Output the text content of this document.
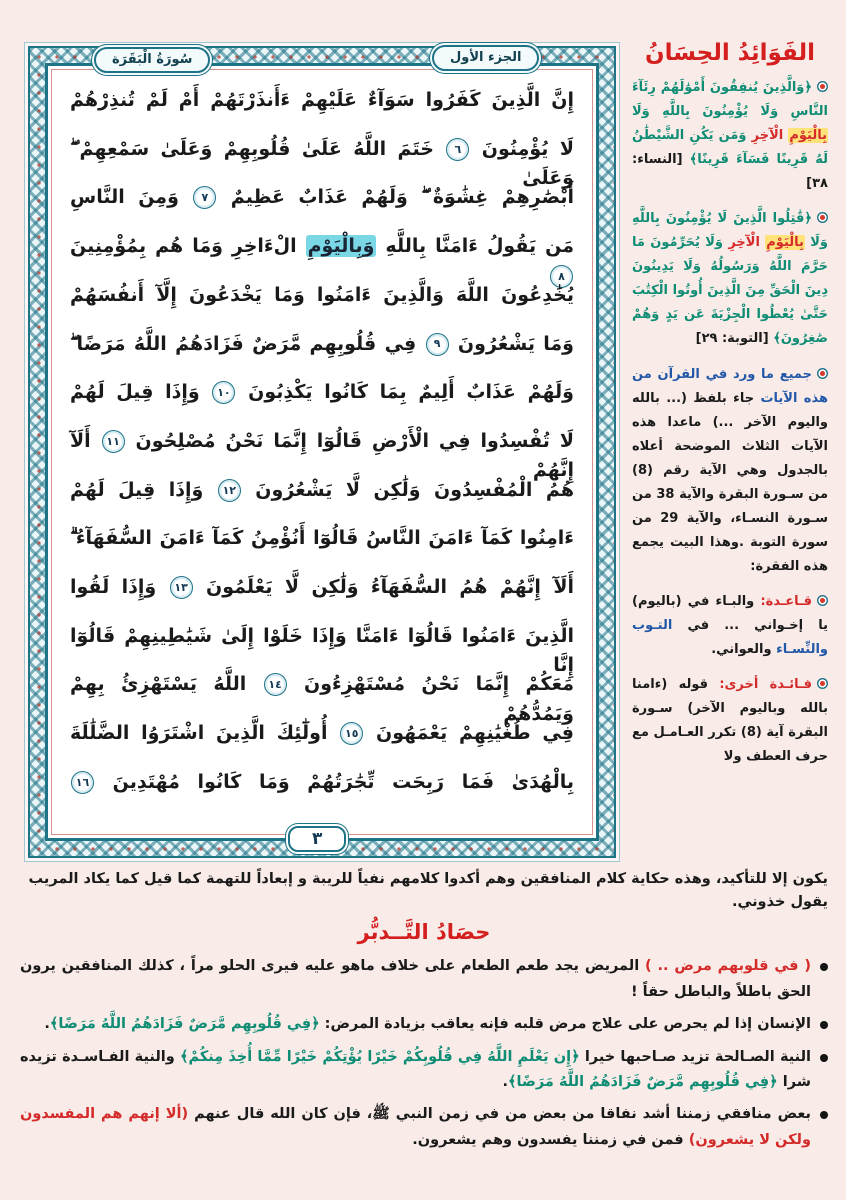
إِنَّ الَّذِينَ كَفَرُوا سَوَآءٌ عَلَيْهِمْ ءَأَنذَرْتَهُمْ أَمْ لَمْ تُنذِرْهُمْ
لَا يُؤْمِنُونَ ٦ خَتَمَ اللَّهُ عَلَىٰ قُلُوبِهِمْ وَعَلَىٰ سَمْعِهِمْ ۖ وَعَلَىٰ
أَبْصَٰرِهِمْ غِشَٰوَةٌ ۖ وَلَهُمْ عَذَابٌ عَظِيمٌ ٧ وَمِنَ النَّاسِ
مَن يَقُولُ ءَامَنَّا بِاللَّهِ وَبِالْيَوْمِ الْءَاخِرِ وَمَا هُم بِمُؤْمِنِينَ ٨
يُخَٰدِعُونَ اللَّهَ وَالَّذِينَ ءَامَنُوا وَمَا يَخْدَعُونَ إِلَّآ أَنفُسَهُمْ
وَمَا يَشْعُرُونَ ٩ فِي قُلُوبِهِم مَّرَضٌ فَزَادَهُمُ اللَّهُ مَرَضًا ۖ
وَلَهُمْ عَذَابٌ أَلِيمٌ بِمَا كَانُوا يَكْذِبُونَ ١٠ وَإِذَا قِيلَ لَهُمْ
لَا تُفْسِدُوا فِي الْأَرْضِ قَالُوٓا إِنَّمَا نَحْنُ مُصْلِحُونَ ١١ أَلَآ إِنَّهُمْ
هُمُ الْمُفْسِدُونَ وَلَٰكِن لَّا يَشْعُرُونَ ١٢ وَإِذَا قِيلَ لَهُمْ
ءَامِنُوا كَمَآ ءَامَنَ النَّاسُ قَالُوٓا أَنُؤْمِنُ كَمَآ ءَامَنَ السُّفَهَآءُ ۗ
أَلَآ إِنَّهُمْ هُمُ السُّفَهَآءُ وَلَٰكِن لَّا يَعْلَمُونَ ١٣ وَإِذَا لَقُوا
الَّذِينَ ءَامَنُوا قَالُوٓا ءَامَنَّا وَإِذَا خَلَوْا إِلَىٰ شَيَٰطِينِهِمْ قَالُوٓا إِنَّا
مَعَكُمْ إِنَّمَا نَحْنُ مُسْتَهْزِءُونَ ١٤ اللَّهُ يَسْتَهْزِئُ بِهِمْ وَيَمُدُّهُمْ
فِي طُغْيَٰنِهِمْ يَعْمَهُونَ ١٥ أُولَٰٓئِكَ الَّذِينَ اشْتَرَوُا الضَّلَٰلَةَ
بِالْهُدَىٰ فَمَا رَبِحَت تِّجَٰرَتُهُمْ وَمَا كَانُوا مُهْتَدِينَ ١٦
سُورَةُ الْبَقَرَة	الجزء الأول
٣
الفَوَائِدُ الحِسَانُ
﴿وَالَّذِينَ يُنفِقُونَ أَمْوَٰلَهُمْ رِئَآءَ النَّاسِ وَلَا يُؤْمِنُونَ بِاللَّهِ وَلَا بِالْيَوْمِ الْآخِرِ وَمَن يَكُنِ الشَّيْطَٰنُ لَهُ قَرِينًا فَسَآءَ قَرِينًا﴾ [النساء: ٣٨]
﴿قَٰتِلُوا الَّذِينَ لَا يُؤْمِنُونَ بِاللَّهِ وَلَا بِالْيَوْمِ الْآخِرِ وَلَا يُحَرِّمُونَ مَا حَرَّمَ اللَّهُ وَرَسُولُهُ وَلَا يَدِينُونَ دِينَ الْحَقِّ مِنَ الَّذِينَ أُوتُوا الْكِتَٰبَ حَتَّىٰ يُعْطُوا الْجِزْيَةَ عَن يَدٍ وَهُمْ صَٰغِرُونَ﴾ [التوبة: ٢٩]
جميع ما ورد في القرآن من هذه الآيات جاء بلفظ (... بالله واليوم الآخر ...) ماعدا هذه الآيات الثلاث الموضحة أعلاه بالجدول وهي الآية رقم (8) من سـورة البقرة والآية 38 من سـورة النسـاء، والآية 29 من سورة التوبة .وهذا البيت يجمع هذه الفقرة:
قـاعـدة: والبـاء في (باليوم) يا إخـواني ... في التـوب والنِّسـاء والعواني.
فـائـدة أخرى: قوله (ءامنا بالله وباليوم الآخر) سـورة البقرة آية (8) تكرر العـامـل مع حرف العطف ولا

يكون إلا للتأكيد، وهذه حكاية كلام المنافقين وهم أكدوا كلامهم نفياً للريبة و إبعاداً للتهمة كما قيل كما يكاد المريب يقول خذوني.

حصَادُ التَّــدبُّر

( في قلوبهم مرض .. ) المريض يجد طعم الطعام على خلاف ماهو عليه فيرى الحلو مراً ، كذلك المنافقين يرون الحق باطلاً والباطل حقاً !

الإنسان إذا لم يحرص على علاج مرض قلبه فإنه يعاقب بزيادة المرض: ﴿فِي قُلُوبِهِم مَّرَضٌ فَزَادَهُمُ اللَّهُ مَرَضًا﴾.

النية الصـالحة تزيد صـاحبها خيرا ﴿إِن يَعْلَمِ اللَّهُ فِي قُلُوبِكُمْ خَيْرًا يُؤْتِكُمْ خَيْرًا مِّمَّا أُخِذَ مِنكُمْ﴾ والنية الفـاسـدة تزيده شرا ﴿فِي قُلُوبِهِم مَّرَضٌ فَزَادَهُمُ اللَّهُ مَرَضًا﴾.

بعض منافقي زمننا أشد نفاقا من بعض من في زمن النبي ﷺ، فإن كان الله قال عنهم (ألا إنهم هم المفسدون ولكن لا يشعرون) فمن في زمننا يفسدون وهم يشعرون.
